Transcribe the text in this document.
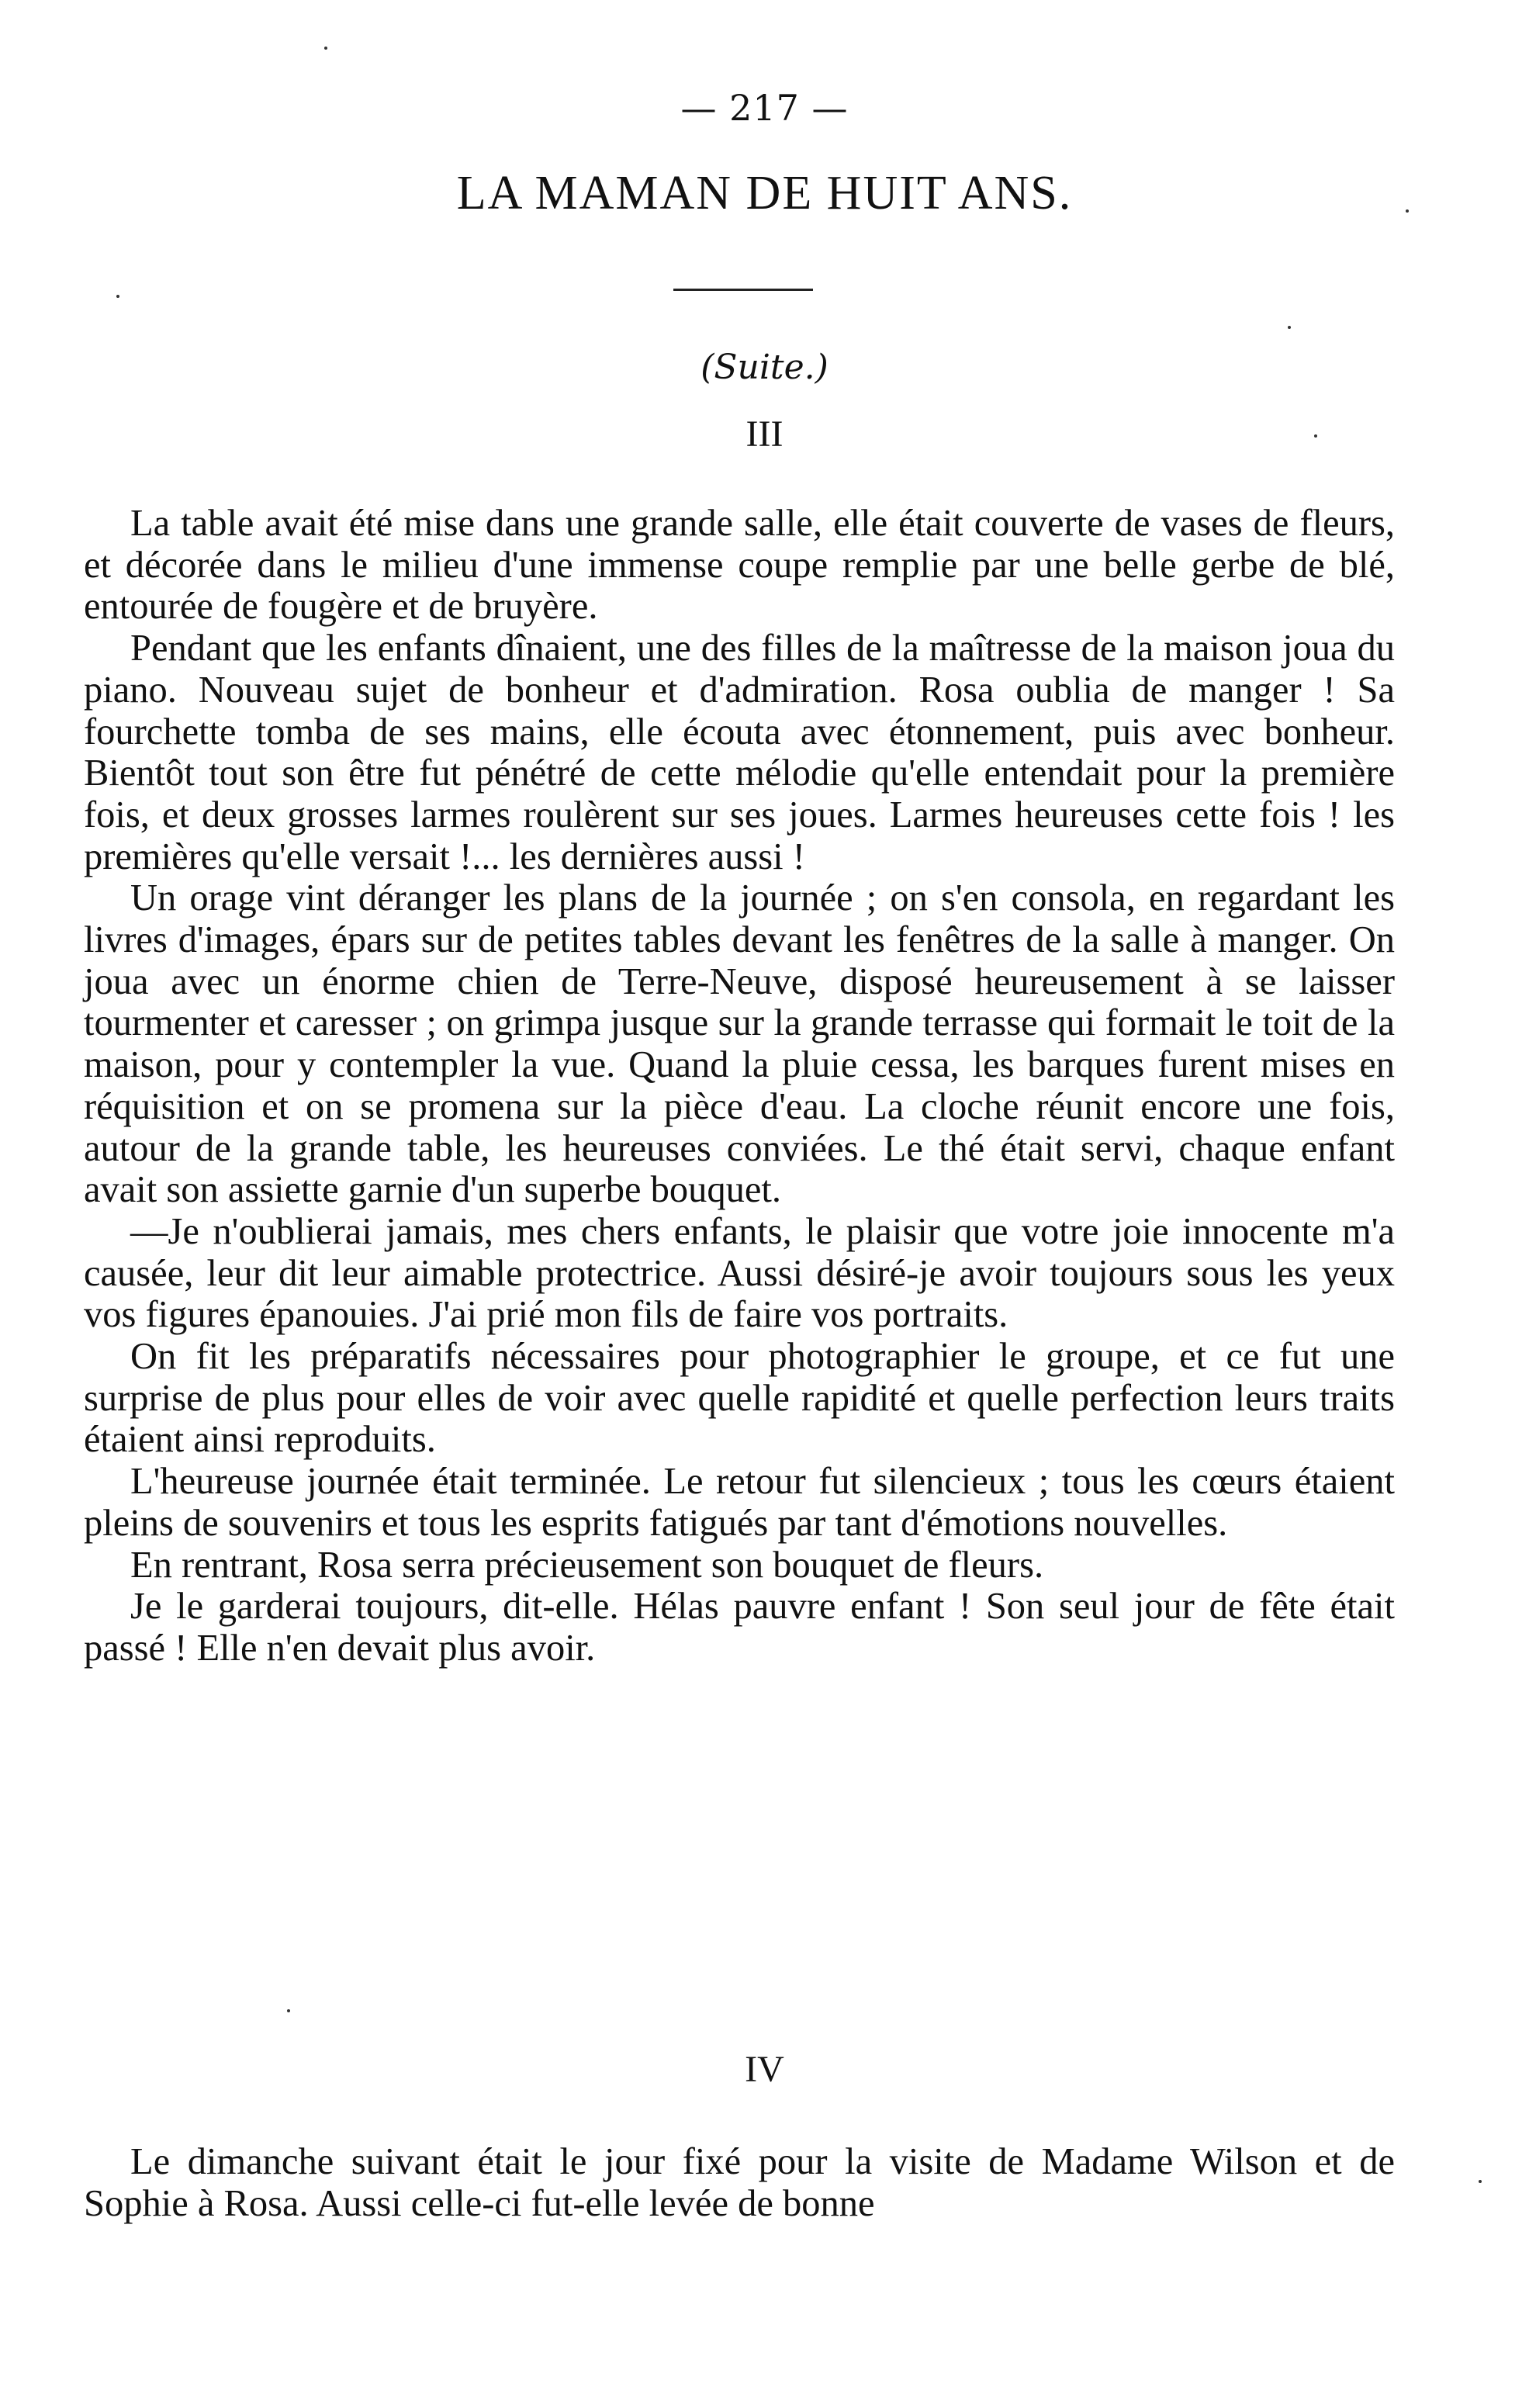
— 217 —
LA MAMAN DE HUIT ANS.
(Suite.)
III

La table avait été mise dans une grande salle, elle était couverte de vases de fleurs, et décorée dans le milieu d'une immense coupe remplie par une belle gerbe de blé, entourée de fougère et de bruyère.

Pendant que les enfants dînaient, une des filles de la maîtresse de la maison joua du piano. Nouveau sujet de bonheur et d'admiration. Rosa oublia de manger ! Sa fourchette tomba de ses mains, elle écouta avec étonnement, puis avec bonheur. Bientôt tout son être fut pénétré de cette mélodie qu'elle entendait pour la première fois, et deux grosses larmes roulèrent sur ses joues. Larmes heureuses cette fois ! les premières qu'elle versait !... les dernières aussi !

Un orage vint déranger les plans de la journée ; on s'en consola, en regardant les livres d'images, épars sur de petites tables devant les fenêtres de la salle à manger. On joua avec un énorme chien de Terre-Neuve, disposé heureusement à se laisser tourmenter et caresser ; on grimpa jusque sur la grande terrasse qui formait le toit de la maison, pour y contempler la vue. Quand la pluie cessa, les barques furent mises en réquisition et on se promena sur la pièce d'eau. La cloche réunit encore une fois, autour de la grande table, les heureuses conviées. Le thé était servi, chaque enfant avait son assiette garnie d'un superbe bouquet.

—Je n'oublierai jamais, mes chers enfants, le plaisir que votre joie innocente m'a causée, leur dit leur aimable protectrice. Aussi désiré-je avoir toujours sous les yeux vos figures épanouies. J'ai prié mon fils de faire vos portraits.

On fit les préparatifs nécessaires pour photographier le groupe, et ce fut une surprise de plus pour elles de voir avec quelle rapidité et quelle perfection leurs traits étaient ainsi reproduits.

L'heureuse journée était terminée. Le retour fut silencieux ; tous les cœurs étaient pleins de souvenirs et tous les esprits fatigués par tant d'émotions nouvelles.

En rentrant, Rosa serra précieusement son bouquet de fleurs.

Je le garderai toujours, dit-elle. Hélas pauvre enfant ! Son seul jour de fête était passé ! Elle n'en devait plus avoir.

IV

Le dimanche suivant était le jour fixé pour la visite de Madame Wilson et de Sophie à Rosa. Aussi celle-ci fut-elle levée de bonne
